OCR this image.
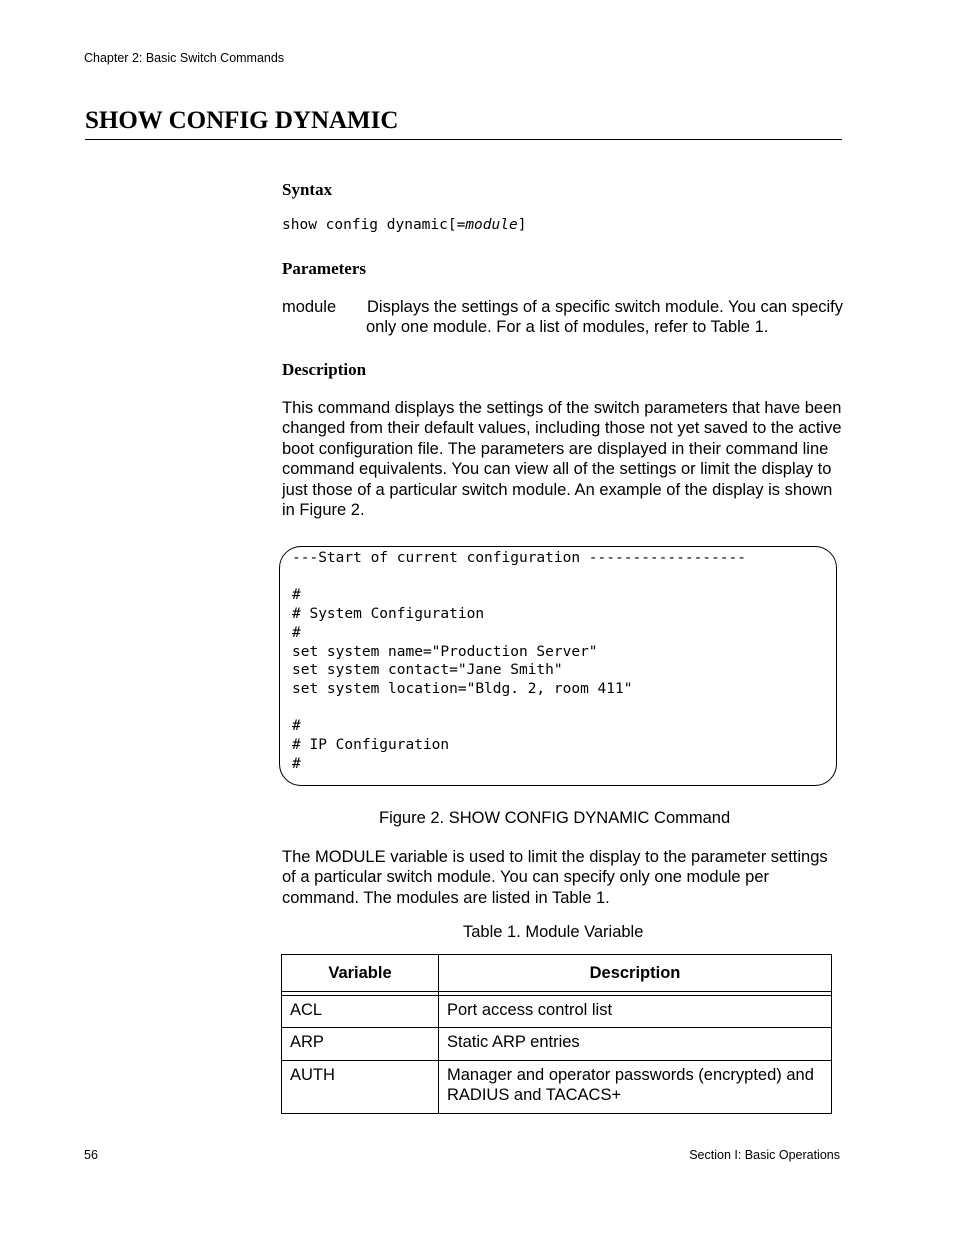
Chapter 2: Basic Switch Commands
SHOW CONFIG DYNAMIC
Syntax
show config dynamic[=module]
Parameters
module Displays the settings of a specific switch module. You can specify only one module. For a list of modules, refer to Table 1.
Description
This command displays the settings of the switch parameters that have been changed from their default values, including those not yet saved to the active boot configuration file. The parameters are displayed in their command line command equivalents. You can view all of the settings or limit the display to just those of a particular switch module. An example of the display is shown in Figure 2.
---Start of current configuration ------------------

#
# System Configuration
#
set system name="Production Server"
set system contact="Jane Smith"
set system location="Bldg. 2, room 411"

#
# IP Configuration
#
Figure 2. SHOW CONFIG DYNAMIC Command
The MODULE variable is used to limit the display to the parameter settings of a particular switch module. You can specify only one module per command. The modules are listed in Table 1.
Table 1. Module Variable
Variable	Description

ACL	Port access control list
ARP	Static ARP entries
AUTH	Manager and operator passwords (encrypted) and RADIUS and TACACS+
56	Section I: Basic Operations
